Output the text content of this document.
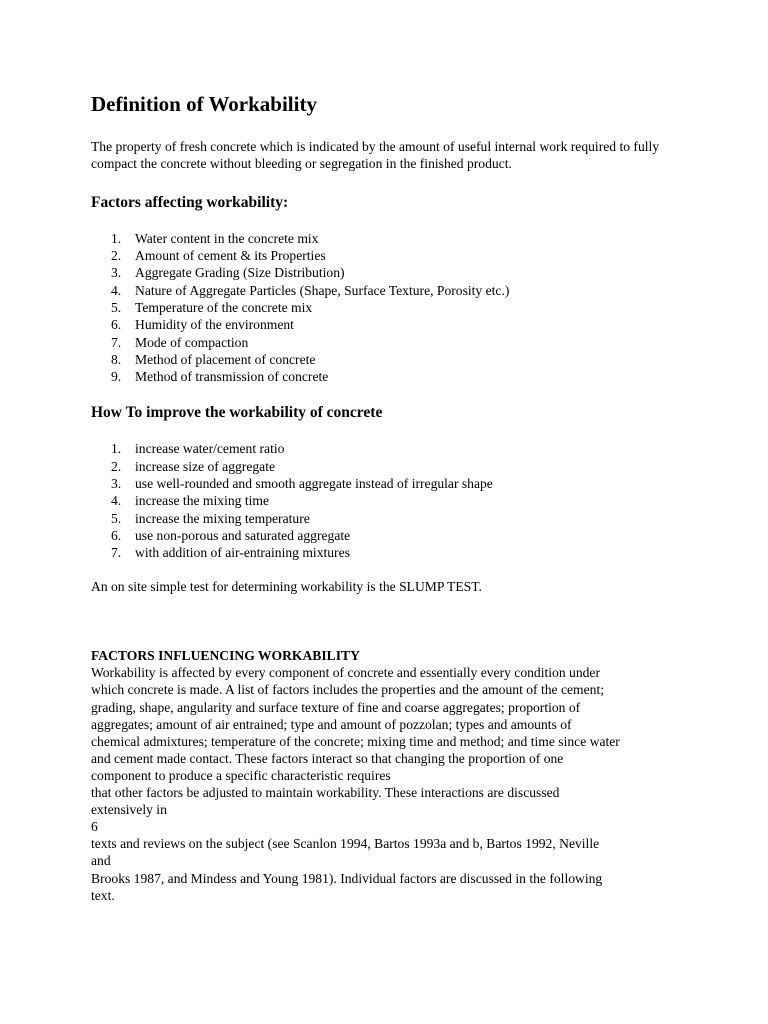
Definition of Workability

The property of fresh concrete which is indicated by the amount of useful internal work required to fully compact the concrete without bleeding or segregation in the finished product.

Factors affecting workability:
1.	Water content in the concrete mix
2.	Amount of cement & its Properties
3.	Aggregate Grading (Size Distribution)
4.	Nature of Aggregate Particles (Shape, Surface Texture, Porosity etc.)
5.	Temperature of the concrete mix
6.	Humidity of the environment
7.	Mode of compaction
8.	Method of placement of concrete
9.	Method of transmission of concrete
How To improve the workability of concrete
1.	increase water/cement ratio
2.	increase size of aggregate
3.	use well-rounded and smooth aggregate instead of irregular shape
4.	increase the mixing time
5.	increase the mixing temperature
6.	use non-porous and saturated aggregate
7.	with addition of air-entraining mixtures

An on site simple test for determining workability is the SLUMP TEST.

FACTORS INFLUENCING WORKABILITY

Workability is affected by every component of concrete and essentially every condition under

which concrete is made. A list of factors includes the properties and the amount of the cement;

grading, shape, angularity and surface texture of fine and coarse aggregates; proportion of

aggregates; amount of air entrained; type and amount of pozzolan; types and amounts of

chemical admixtures; temperature of the concrete; mixing time and method; and time since water

and cement made contact. These factors interact so that changing the proportion of one

component to produce a specific characteristic requires

that other factors be adjusted to maintain workability. These interactions are discussed

extensively in

6

texts and reviews on the subject (see Scanlon 1994, Bartos 1993a and b, Bartos 1992, Neville

and

Brooks 1987, and Mindess and Young 1981). Individual factors are discussed in the following

text.
